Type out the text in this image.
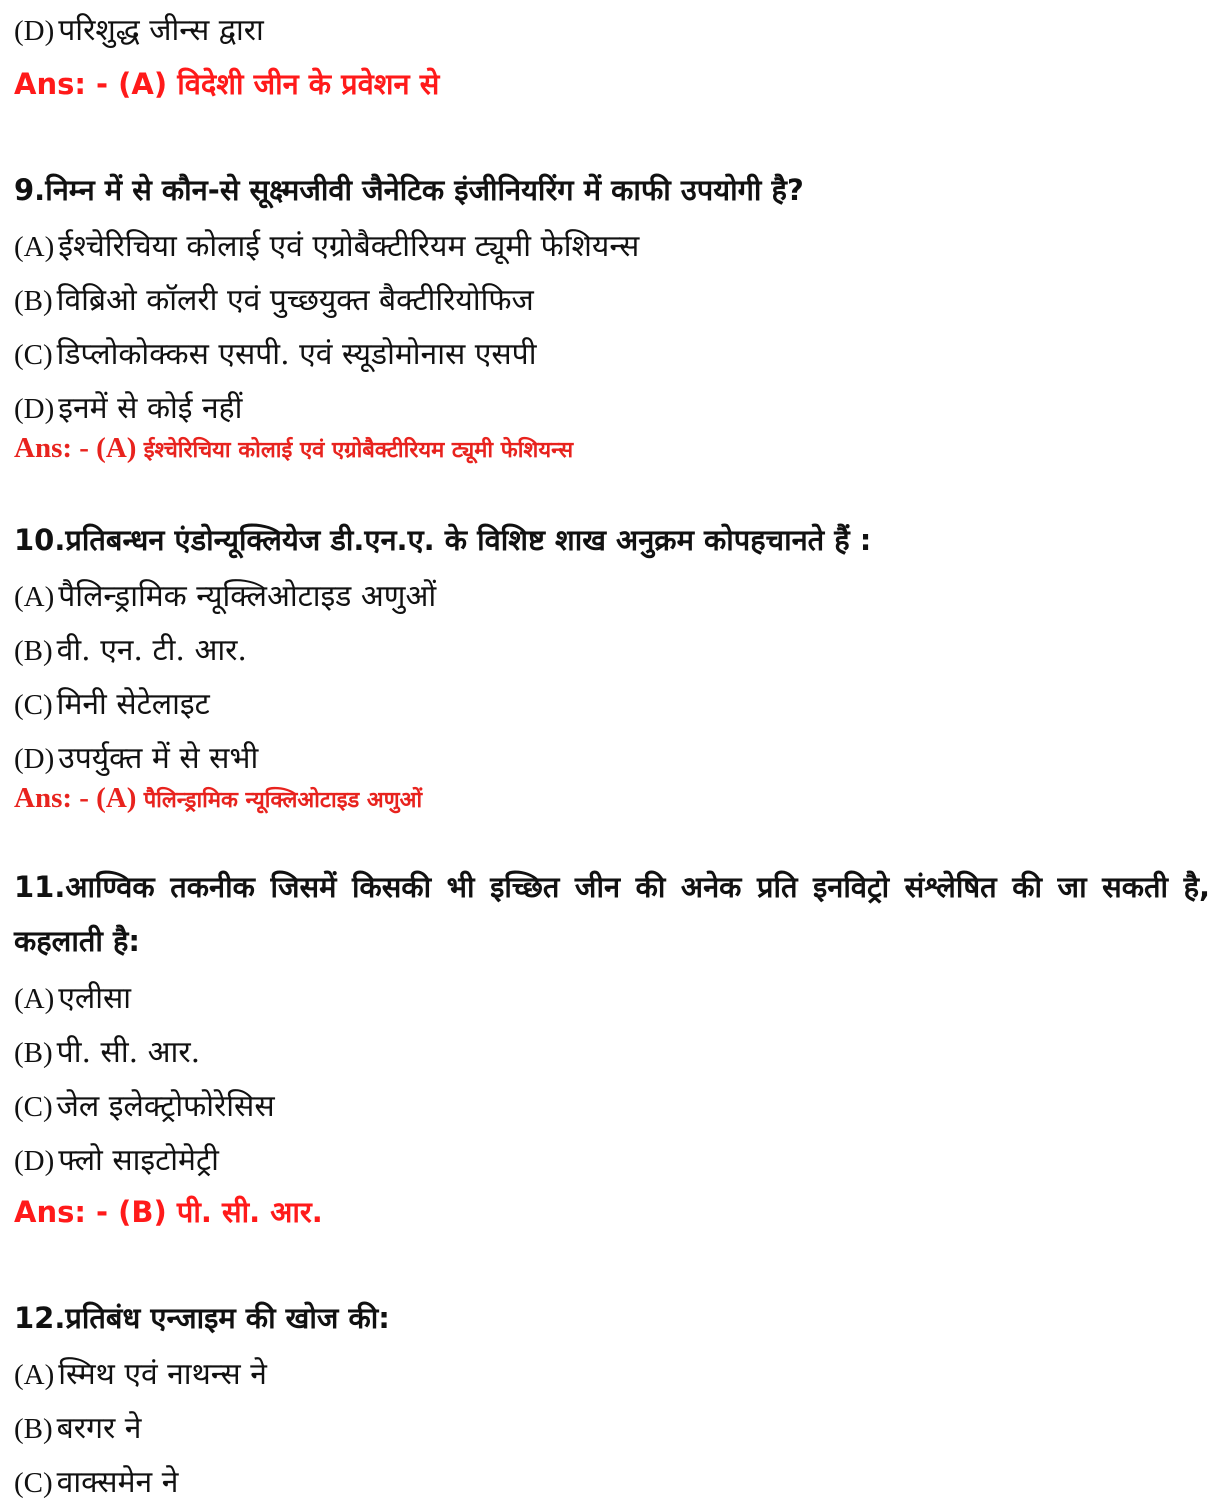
(D) परिशुद्ध जीन्स द्वारा
Ans: - (A) विदेशी जीन के प्रवेशन से
9.निम्न में से कौन-से सूक्ष्मजीवी जैनेटिक इंजीनियरिंग में काफी उपयोगी है?
(A) ईश्चेरिचिया कोलाई एवं एग्रोबैक्टीरियम ट्यूमी फेशियन्स
(B) विब्रिओ कॉलरी एवं पुच्छयुक्त बैक्टीरियोफिज
(C) डिप्लोकोक्कस एसपी. एवं स्यूडोमोनास एसपी
(D) इनमें से कोई नहीं
Ans: - (A) ईश्चेरिचिया कोलाई एवं एग्रोबैक्टीरियम ट्यूमी फेशियन्स
10.प्रतिबन्धन एंडोन्यूक्लियेज डी.एन.ए. के विशिष्ट शाख अनुक्रम कोपहचानते हैं :
(A) पैलिन्ड्रामिक न्यूक्लिओटाइड अणुओं
(B) वी. एन. टी. आर.
(C) मिनी सेटेलाइट
(D) उपर्युक्त में से सभी
Ans: - (A) पैलिन्ड्रामिक न्यूक्लिओटाइड अणुओं
11.आण्विक तकनीक जिसमें किसकी भी इच्छित जीन की अनेक प्रति इनविट्रो संश्लेषित की जा सकती है, कहलाती है:
(A) एलीसा
(B) पी. सी. आर.
(C) जेल इलेक्ट्रोफोरेसिस
(D) फ्लो साइटोमेट्री
Ans: - (B) पी. सी. आर.
12.प्रतिबंध एन्जाइम की खोज की:
(A) स्मिथ एवं नाथन्स ने
(B) बरगर ने
(C) वाक्समेन ने
